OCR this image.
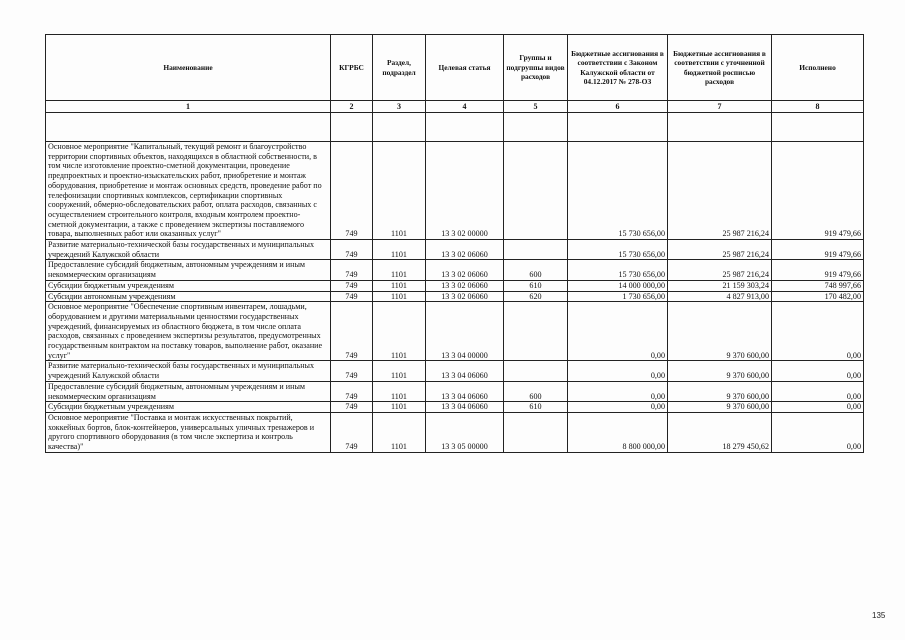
Наименование	КГРБС	Раздел, подраздел	Целевая статья	Группы и подгруппы видов расходов	Бюджетные ассигнования в соответствии с Законом Калужской области от 04.12.2017 № 278-ОЗ	Бюджетные ассигнования в соответствии с уточненной бюджетной росписью расходов	Исполнено
1	2	3	4	5	6	7	8

Основное мероприятие "Капитальный, текущий ремонт и благоустройство территории спортивных объектов, находящихся в областной собственности, в том числе изготовление проектно-сметной документации, проведение предпроектных и проектно-изыскательских работ, приобретение и монтаж оборудования, приобретение и монтаж основных средств, проведение работ по телефонизации спортивных комплексов, сертификации спортивных сооружений, обмерно-обследовательских работ, оплата расходов, связанных с осуществлением строительного контроля, входным контролем проектно-сметной документации, а также с проведением экспертизы поставляемого товара, выполненных работ или оказанных услуг"	749	1101	13 3 02 00000		15 730 656,00	25 987 216,24	919 479,66
Развитие материально-технической базы государственных и муниципальных учреждений Калужской области	749	1101	13 3 02 06060		15 730 656,00	25 987 216,24	919 479,66
Предоставление субсидий бюджетным, автономным учреждениям и иным некоммерческим организациям	749	1101	13 3 02 06060	600	15 730 656,00	25 987 216,24	919 479,66
Субсидии бюджетным учреждениям	749	1101	13 3 02 06060	610	14 000 000,00	21 159 303,24	748 997,66
Субсидии автономным учреждениям	749	1101	13 3 02 06060	620	1 730 656,00	4 827 913,00	170 482,00
Основное мероприятие "Обеспечение спортивным инвентарем, лошадьми, оборудованием и другими материальными ценностями государственных учреждений, финансируемых из областного бюджета, в том числе оплата расходов, связанных с проведением экспертизы результатов, предусмотренных государственным контрактом на поставку товаров, выполнение работ, оказание услуг"	749	1101	13 3 04 00000		0,00	9 370 600,00	0,00
Развитие материально-технической базы государственных и муниципальных учреждений Калужской области	749	1101	13 3 04 06060		0,00	9 370 600,00	0,00
Предоставление субсидий бюджетным, автономным учреждениям и иным некоммерческим организациям	749	1101	13 3 04 06060	600	0,00	9 370 600,00	0,00
Субсидии бюджетным учреждениям	749	1101	13 3 04 06060	610	0,00	9 370 600,00	0,00
Основное мероприятие "Поставка и монтаж искусственных покрытий, хоккейных бортов, блок-контейнеров, универсальных уличных тренажеров и другого спортивного оборудования (в том числе экспертиза и контроль качества)"	749	1101	13 3 05 00000		8 800 000,00	18 279 450,62	0,00
135
